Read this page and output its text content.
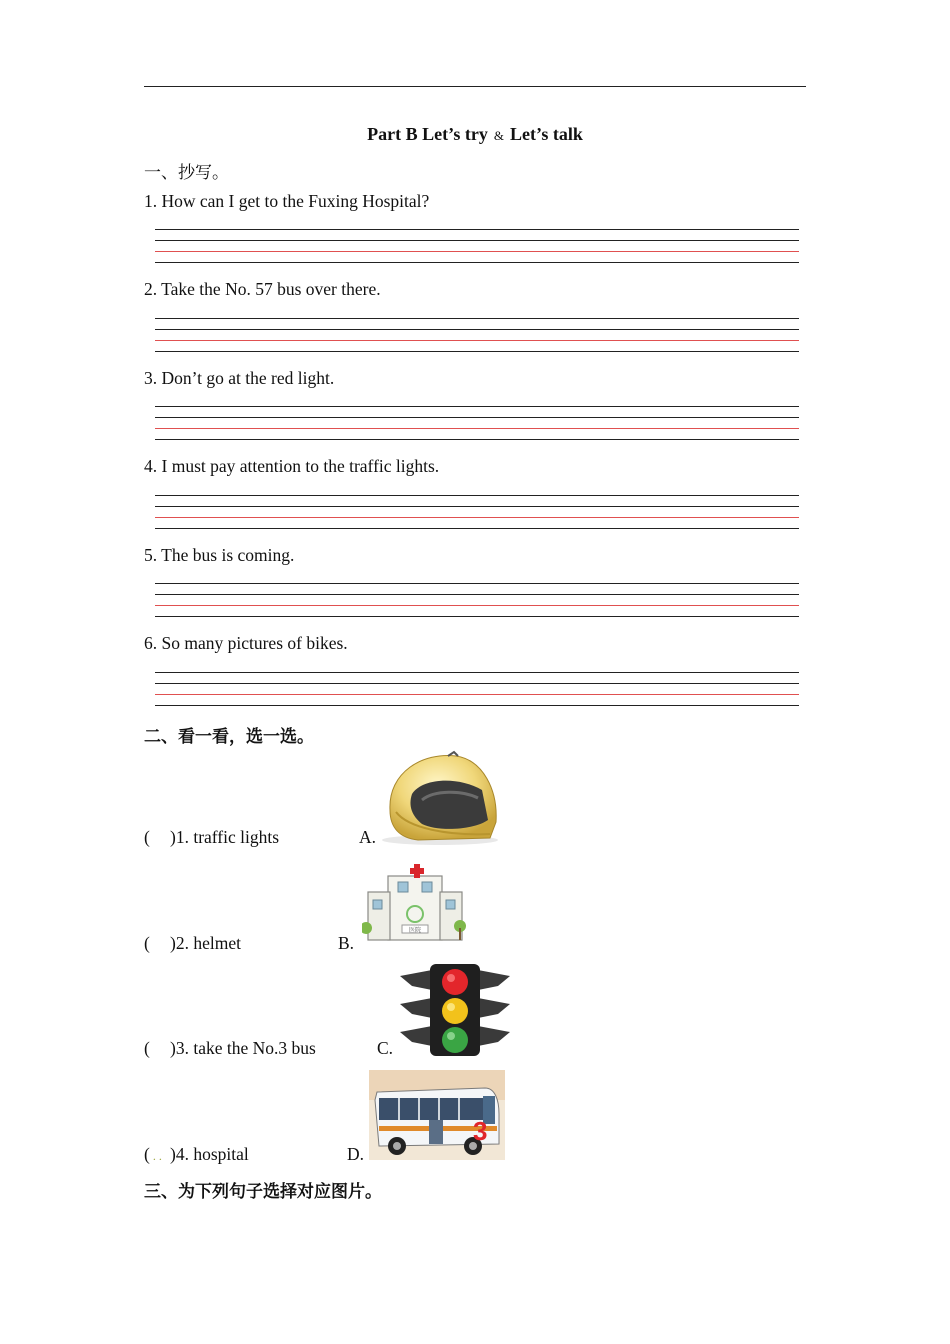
Part B Let’s try & Let’s talk
一、抄写。
1. How can I get to the Fuxing Hospital?
2. Take the No. 57 bus over there.
3. Don’t go at the red light.
4. I must pay attention to the traffic lights.
5. The bus is coming.
6. So many pictures of bikes.
二、看一看，选一选。
医院
3
( )1. traffic lights	A.
( )2. helmet	B.
( )3. take the No.3 bus	C.
( . . )4. hospital	D.
三、为下列句子选择对应图片。
